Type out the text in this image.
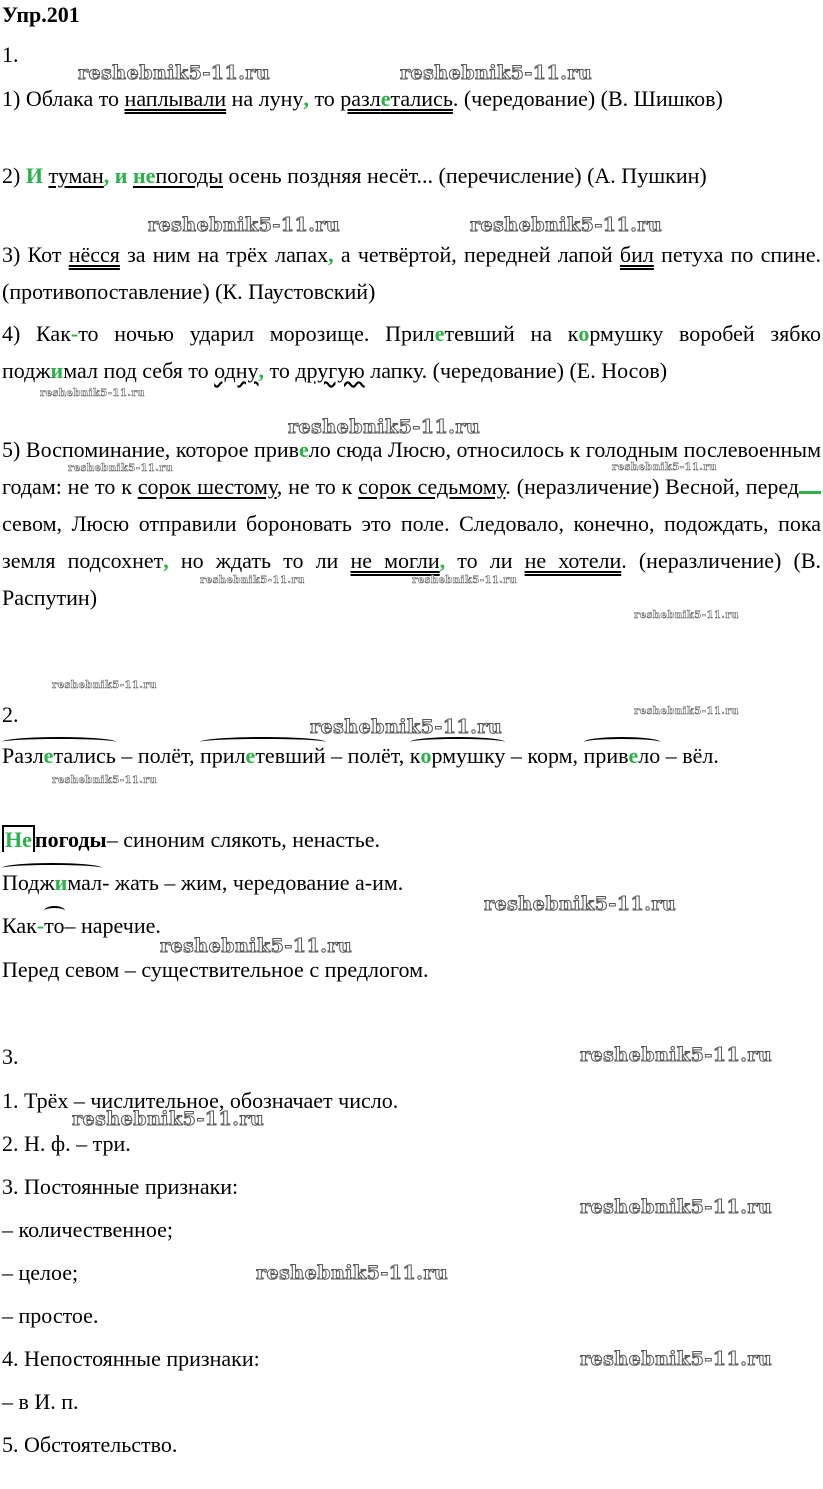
Упр.201
1.
1) Облака то наплывали на луну, то разлетались. (чередование) (В. Шишков)
2) И туман, и непогоды осень поздняя несёт... (перечисление) (А. Пушкин)
3) Кот нёсся за ним на трёх лапах, а четвёртой, передней лапой бил петуха по спине. (противопоставление) (К. Паустовский)
4) Как-то ночью ударил морозище. Прилетевший на кормушку воробей зябко поджимал под себя то одну, то другую лапку. (чередование) (Е. Носов)
5) Воспоминание, которое привело сюда Люсю, относилось к голодным послевоенным годам: не то к сорок шестому, не то к сорок седьмому. (неразличение) Весной, передсевом, Люсю отправили бороновать это поле. Следовало, конечно, подождать, пока земля подсохнет, но ждать то ли не могли, то ли не хотели. (неразличение) (В. Распутин)
2.
Разлетались – полёт, прилетевший – полёт, кормушку – корм, привело – вёл.
Не погоды– синоним слякоть, ненастье.
Поджимал- жать – жим, чередование а-им.
Как-то– наречие.
Перед севом – существительное с предлогом.
3.
1. Трёх – числительное, обозначает число.
2. Н. ф. – три.
3. Постоянные признаки:
– количественное;
– целое;
– простое.
4. Непостоянные признаки:
– в И. п.
5. Обстоятельство.
reshebnik5-11.ru	reshebnik5-11.ru
reshebnik5-11.ru	reshebnik5-11.ru
reshebnik5-11.ru
reshebnik5-11.ru
reshebnik5-11.ru	reshebnik5-11.ru
reshebnik5-11.ru	reshebnik5-11.ru
reshebnik5-11.ru
reshebnik5-11.ru
reshebnik5-11.ru
reshebnik5-11.ru
reshebnik5-11.ru
reshebnik5-11.ru
reshebnik5-11.ru
reshebnik5-11.ru
reshebnik5-11.ru
reshebnik5-11.ru
reshebnik5-11.ru
reshebnik5-11.ru
